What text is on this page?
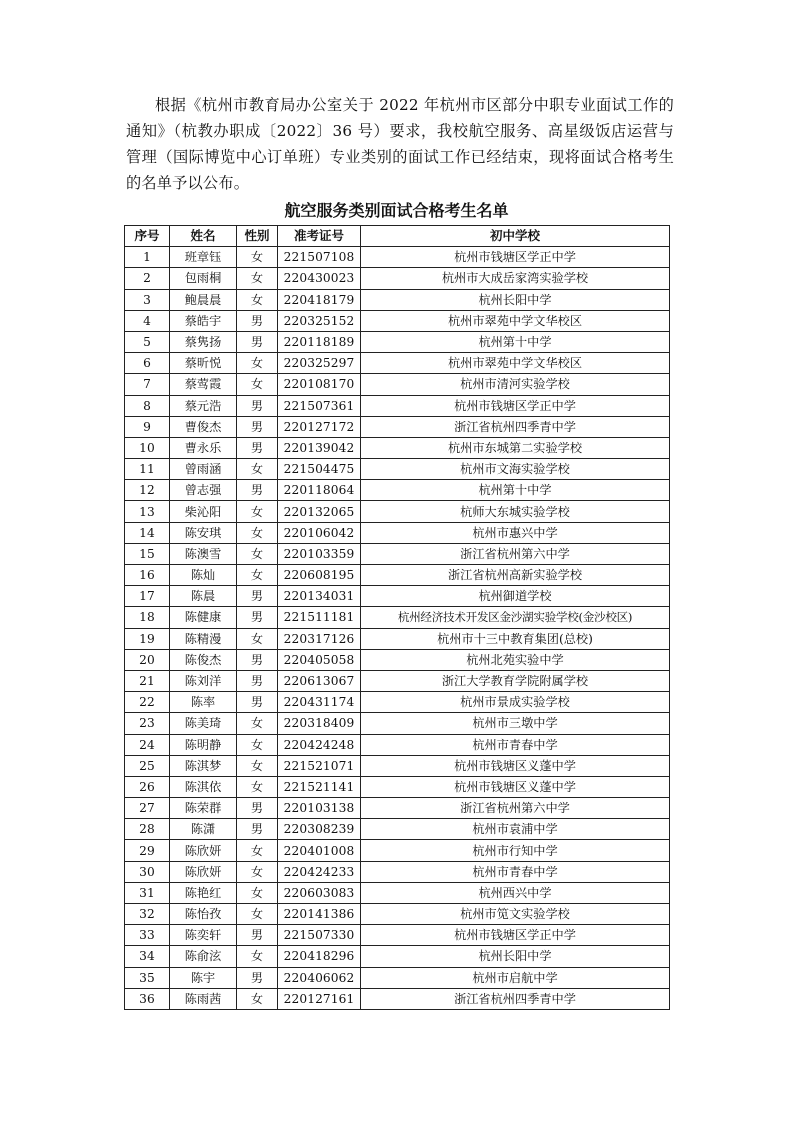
根据《杭州市教育局办公室关于 2022 年杭州市区部分中职专业面试工作的通知》（杭教办职成〔2022〕36 号）要求，我校航空服务、高星级饭店运营与管理（国际博览中心订单班）专业类别的面试工作已经结束，现将面试合格考生的名单予以公布。

航空服务类别面试合格考生名单
序号	姓名	性别	准考证号	初中学校
1	班章钰	女	221507108	杭州市钱塘区学正中学
2	包雨桐	女	220430023	杭州市大成岳家湾实验学校
3	鲍晨晨	女	220418179	杭州长阳中学
4	蔡皓宇	男	220325152	杭州市翠苑中学文华校区
5	蔡隽扬	男	220118189	杭州第十中学
6	蔡昕悦	女	220325297	杭州市翠苑中学文华校区
7	蔡莺霞	女	220108170	杭州市清河实验学校
8	蔡元浩	男	221507361	杭州市钱塘区学正中学
9	曹俊杰	男	220127172	浙江省杭州四季青中学
10	曹永乐	男	220139042	杭州市东城第二实验学校
11	曾雨涵	女	221504475	杭州市文海实验学校
12	曾志强	男	220118064	杭州第十中学
13	柴沁阳	女	220132065	杭师大东城实验学校
14	陈安琪	女	220106042	杭州市惠兴中学
15	陈澳雪	女	220103359	浙江省杭州第六中学
16	陈灿	女	220608195	浙江省杭州高新实验学校
17	陈晨	男	220134031	杭州御道学校
18	陈健康	男	221511181	杭州经济技术开发区金沙湖实验学校(金沙校区)
19	陈精漫	女	220317126	杭州市十三中教育集团(总校)
20	陈俊杰	男	220405058	杭州北苑实验中学
21	陈刘洋	男	220613067	浙江大学教育学院附属学校
22	陈率	男	220431174	杭州市景成实验学校
23	陈美琦	女	220318409	杭州市三墩中学
24	陈明静	女	220424248	杭州市青春中学
25	陈淇梦	女	221521071	杭州市钱塘区义蓬中学
26	陈淇依	女	221521141	杭州市钱塘区义蓬中学
27	陈荣群	男	220103138	浙江省杭州第六中学
28	陈潇	男	220308239	杭州市袁浦中学
29	陈欣妍	女	220401008	杭州市行知中学
30	陈欣妍	女	220424233	杭州市青春中学
31	陈艳红	女	220603083	杭州西兴中学
32	陈怡孜	女	220141386	杭州市笕文实验学校
33	陈奕轩	男	221507330	杭州市钱塘区学正中学
34	陈俞泫	女	220418296	杭州长阳中学
35	陈宇	男	220406062	杭州市启航中学
36	陈雨茜	女	220127161	浙江省杭州四季青中学
